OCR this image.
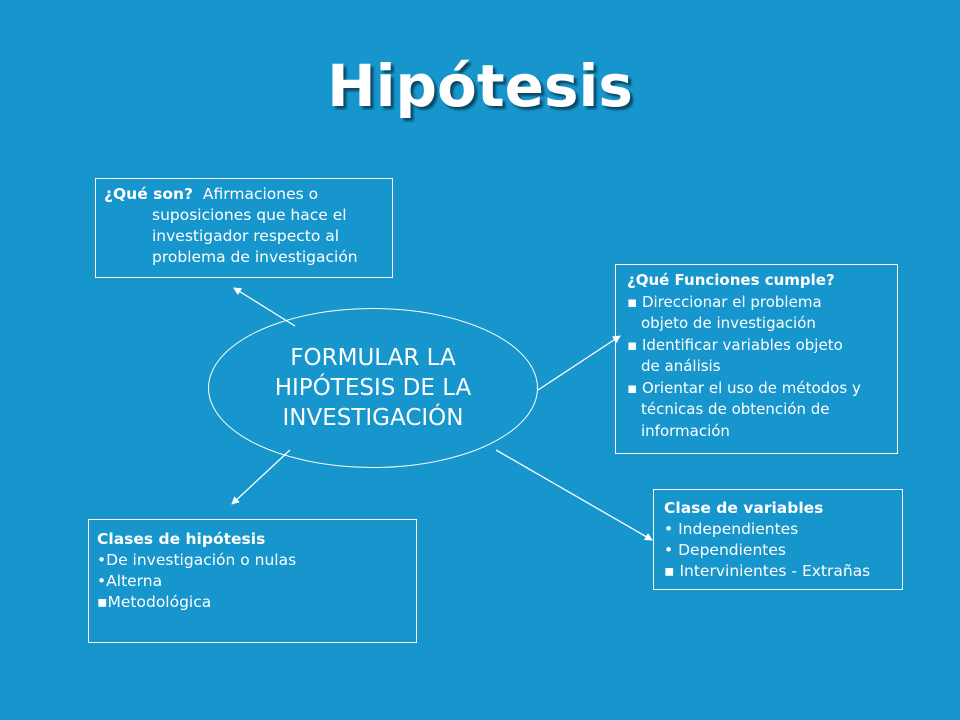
Hipótesis
FORMULAR LA
HIPÓTESIS DE LA
INVESTIGACIÓN
¿Qué son? Afirmaciones o
suposiciones que hace el
investigador respecto al
problema de investigación
¿Qué Funciones cumple?
▪ Direccionar el problema
objeto de investigación
▪ Identificar variables objeto
de análisis
▪ Orientar el uso de métodos y
técnicas de obtención de
información
Clases de hipótesis
•De investigación o nulas
•Alterna
▪Metodológica
Clase de variables
• Independientes
• Dependientes
▪ Intervinientes - Extrañas
